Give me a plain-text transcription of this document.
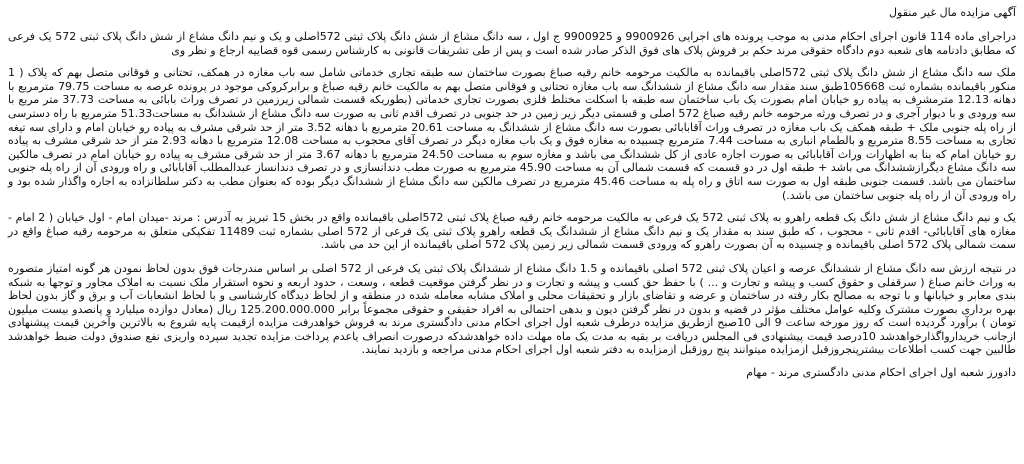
آگهی مزایده مال غیر منقول
دراجرای ماده 114 قانون اجرای احکام مدنی به موجب پرونده های اجرایی 9900926 و 9900925 ج اول ، سه دانگ مشاع از شش دانگ پلاک ثبتی 572اصلی و یک و نیم دانگ مشاع از شش دانگ پلاک ثبتی 572 یک فرعی که مطابق دادنامه های شعبه دوم دادگاه حقوقی مرند حکم بر فروش پلاک های فوق الذکر صادر شده است و پس از طی تشریفات قانونی به کارشناس رسمی قوه قضاییه ارجاع و نظر وی
ملک سه دانگ مشاع از شش دانگ پلاک ثبتی 572اصلی باقیمانده به مالکیت مرحومه خانم رقیه صباغ بصورت ساختمان سه طبقه تجاری خدماتی شامل سه باب مغازه در همکف، تحتانی و فوقانی متصل بهم که پلاک ( 1 منکور باقیمانده بشماره ثبت 105668طبق سند مقدار سه دانگ مشاع از ششدانگ سه باب مغازه تحتانی و فوقانی متصل بهم به مالکیت خانم رقیه صباغ و برابرکروکی موجود در پرونده عرصه به مساحت 79.75 مترمربع با دهانه 12.13 مترمشرف به پیاده رو خیابان امام بصورت یک باب ساختمان سه طبقه با اسکلت مختلط فلزی بصورت تجاری خدماتی (بطوریکه قسمت شمالی زیرزمین در تصرف وراث بابائی به مساحت 37.73 متر مربع با سه ورودی و با دیوار آجری و در تصرف ورثه مرحومه خانم رقیه صباغ 572 اصلی و قسمتی دیگر زیر زمین در حد جنوبی در تصرف اقدم ثانی به صورت سه دانگ مشاع از ششدانگ به مساحت51.33 مترمربع با راه دسترسی از راه پله جنوبی ملک + طبقه همکف یک باب مغازه در تصرف وراث آقابابائی بصورت سه دانگ مشاع از ششدانگ به مساحت 20.61 مترمربع با دهانه 3.52 متر از حد شرقی مشرف به پیاده رو خیابان امام و دارای سه تیغه تجاری به مساحت 8.55 مترمربع و بالطمام انباری به مساحت 7.44 مترمربع چسبیده به مغازه فوق و یک باب مغازه دیگر در تصرف آقای محجوب به مساحت 12.08 مترمربع با دهانه 2.93 متر از حد شرقی مشرف به پیاده رو خیابان امام که بنا به اظهارات وراث آقابابائی به صورت اجاره عادی از کل ششدانگ می باشد و مغازه سوم به مساحت 24.50 مترمربع با دهانه 3.67 متر از حد شرقی مشرف به پیاده رو خیابان امام در تصرف مالکین سه دانگ مشاع دیگرازششدانگ می باشد + طبقه اول در دو قسمت که قسمت شمالی آن به مساحت 45.90 مترمربع به صورت مطب دندانسازی و در تصرف دندانساز عبدالمطلب آقابابائی و راه ورودی آن از راه پله جنوبی ساختمان می باشد. قسمت جنوبی طبقه اول به صورت سه اتاق و راه پله به مساحت 45.46 مترمربع در تصرف مالکین سه دانگ مشاع از ششدانگ دیگر بوده که بعنوان مطب به دکتر سلطانزاده به اجاره واگذار شده بود و راه ورودی آن از راه پله جنوبی ساختمان می باشد.)
یک و نیم دانگ مشاع از شش دانگ یک قطعه راهرو به پلاک ثبتی 572 یک فرعی به مالکیت مرحومه خانم رقیه صباغ پلاک ثبتی 572اصلی باقیمانده واقع در بخش 15 تبریز به آدرس : مرند -میدان امام - اول خیابان ( 2 امام - مغازه های آقابابائی- اقدم ثانی - محجوب ، که طبق سند به مقدار یک و نیم دانگ مشاع از ششدانگ یک قطعه راهرو پلاک ثبتی یک فرعی از 572 اصلی بشماره ثبت 11489 تفکیکی متعلق به مرحومه رقیه صباغ واقع در سمت شمالی پلاک 572 اصلی باقیمانده و چسبیده به آن بصورت راهرو که ورودی قسمت شمالی زیر زمین پلاک 572 اصلی باقیمانده از این حد می باشد.
در نتیجه ارزش سه دانگ مشاع از ششدانگ عرصه و اعیان پلاک ثبتی 572 اصلی باقیمانده و 1.5 دانگ مشاع از ششدانگ پلاک ثبتی یک فرعی از 572 اصلی بر اساس مندرجات فوق بدون لحاظ نمودن هر گونه امتیاز متصوره به وراث خانم صباغ ( سرقفلی و حقوق کسب و پیشه و تجارت و ... ) با حفظ حق کسب و پیشه و تجارت و در نظر گرفتن موقعیت قطعه ، وسعت ، حدود اربعه و نحوه استقرار ملک نسبت به املاک مجاور و توجها به شبکه بندی معابر و خیابانها و با توجه به مصالح بکار رفته در ساختمان و عرضه و تقاضای بازار و تحقیقات محلی و املاک مشابه معامله شده در منطقه و از لحاظ دیدگاه کارشناسی و با لحاظ انشعابات آب و برق و گاز بدون لحاظ بهره برداری بصورت مشترک وکلیه عوامل مختلف مؤثر در قضیه و بدون در نظر گرفتن دیون و بدهی احتمالی به افراد حقیقی و حقوقی مجموعاً برابر 125.200.000.000 ریال (معادل دوازده میلیارد و پانصدو بیست میلیون تومان ) برآورد گردیده است که روز مورخه ساعت 9 الی 10صبح ازطریق مزایده درطرف شعبه اول اجرای احکام مدنی دادگستری مرند به فروش خواهدرفت مزایده ازقیمت پایه شروع به بالاترین وآخرین قیمت پیشنهادی ازجانب خریدارواگذارخواهدشد 10درصد قیمت پیشنهادی فی المجلس دریافت بر بقیه به مدت یک ماه مهلت داده خواهدشدکه درصورت انصراف یاعدم پرداخت مزایده تجدید سپرده واریزی نفع صندوق دولت ضبط خواهدشد طالبین جهت کسب اطلاعات بیشترپنجروزقبل ازمزایده میتوانند پنج روزقبل ازمزایده به دفتر شعبه اول اجرای احکام مدنی مراجعه و بازدید نمایند.
دادورز شعبه اول اجرای احکام مدنی دادگستری مرند - مهام
